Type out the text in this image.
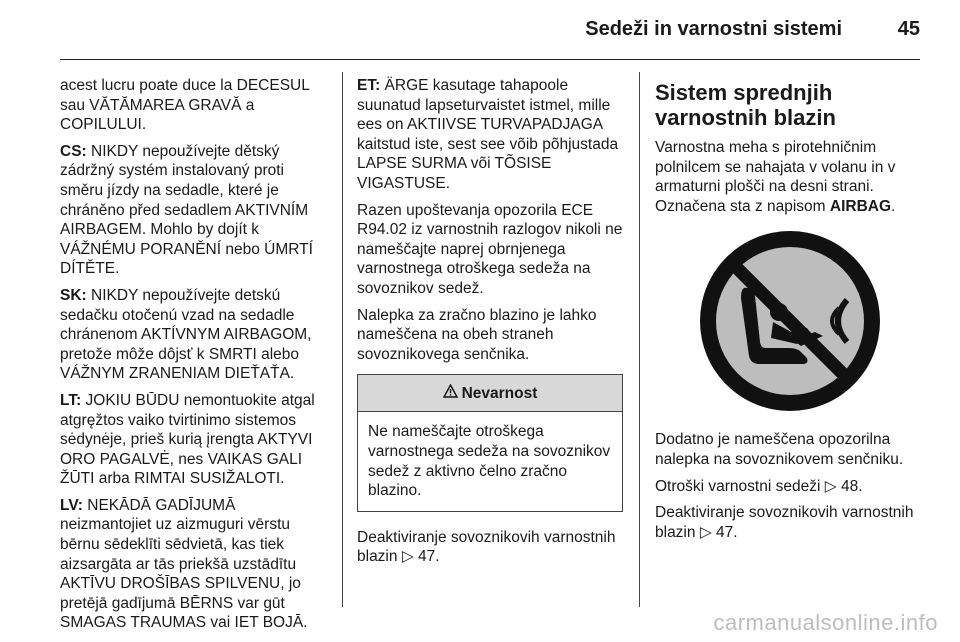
Sedeži in varnostni sistemi	45

acest lucru poate duce la DECESUL sau VĂTĂMAREA GRAVĂ a COPILULUI.

CS: NIKDY nepoužívejte dětský zádržný systém instalovaný proti směru jízdy na sedadle, které je chráněno před sedadlem AKTIVNÍM AIRBAGEM. Mohlo by dojít k VÁŽNÉMU PORANĚNÍ nebo ÚMRTÍ DÍTĚTE.

SK: NIKDY nepoužívejte detskú sedačku otočenú vzad na sedadle chránenom AKTÍVNYM AIRBAGOM, pretože môže dôjsť k SMRTI alebo VÁŽNYM ZRANENIAM DIEŤAŤA.

LT: JOKIU BŪDU nemontuokite atgal atgręžtos vaiko tvirtinimo sistemos sėdynėje, prieš kurią įrengta AKTYVI ORO PAGALVĖ, nes VAIKAS GALI ŽŪTI arba RIMTAI SUSIŽALOTI.

LV: NEKĀDĀ GADĪJUMĀ neizmantojiet uz aizmuguri vērstu bērnu sēdeklīti sēdvietā, kas tiek aizsargāta ar tās priekšā uzstādītu AKTĪVU DROŠĪBAS SPILVENU, jo pretējā gadījumā BĒRNS var gūt SMAGAS TRAUMAS vai IET BOJĀ.

ET: ÄRGE kasutage tahapoole suunatud lapseturvaistet istmel, mille ees on AKTIIVSE TURVAPADJAGA kaitstud iste, sest see võib põhjustada LAPSE SURMA või TÕSISE VIGASTUSE.

Razen upoštevanja opozorila ECE R94.02 iz varnostnih razlogov nikoli ne nameščajte naprej obrnjenega varnostnega otroškega sedeža na sovoznikov sedež.

Nalepka za zračno blazino je lahko nameščena na obeh straneh sovoznikovega senčnika.

Nevarnost
Ne nameščajte otroškega varnostnega sedeža na sovoznikov sedež z aktivno čelno zračno blazino.

Deaktiviranje sovoznikovih varnostnih blazin ▷ 47.

Sistem sprednjih varnostnih blazin

Varnostna meha s pirotehničnim polnilcem se nahajata v volanu in v armaturni plošči na desni strani. Označena sta z napisom AIRBAG.

Dodatno je nameščena opozorilna nalepka na sovoznikovem senčniku.

Otroški varnostni sedeži ▷ 48.

Deaktiviranje sovoznikovih varnostnih blazin ▷ 47.

carmanualsonline.info
